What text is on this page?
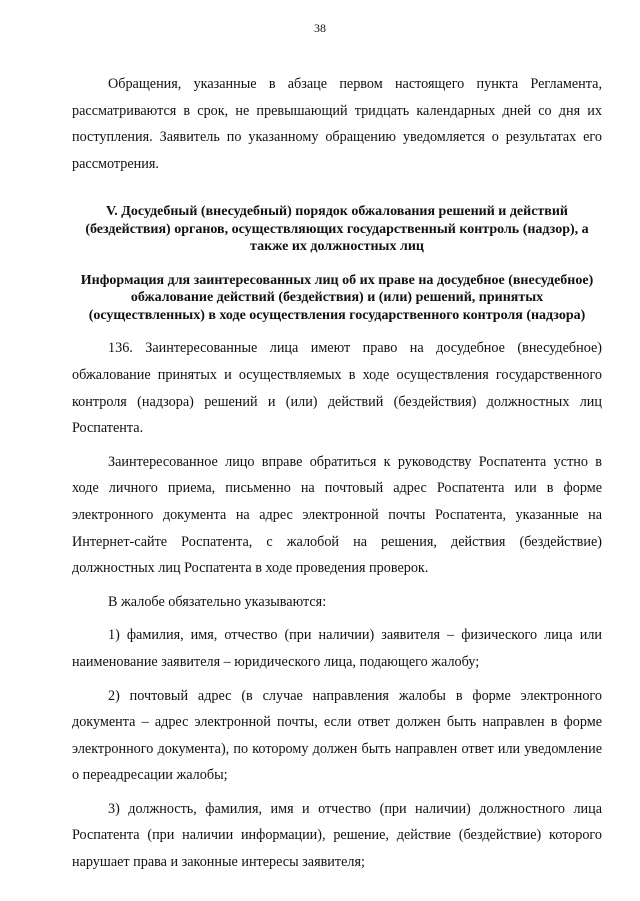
38

Обращения, указанные в абзаце первом настоящего пункта Регламента, рассматриваются в срок, не превышающий тридцать календарных дней со дня их поступления. Заявитель по указанному обращению уведомляется о результатах его рассмотрения.

V. Досудебный (внесудебный) порядок обжалования решений и действий (бездействия) органов, осуществляющих государственный контроль (надзор), а также их должностных лиц

Информация для заинтересованных лиц об их праве на досудебное (внесудебное) обжалование действий (бездействия) и (или) решений, принятых (осуществленных) в ходе осуществления государственного контроля (надзора)

136. Заинтересованные лица имеют право на досудебное (внесудебное) обжалование принятых и осуществляемых в ходе осуществления государственного контроля (надзора) решений и (или) действий (бездействия) должностных лиц Роспатента.

Заинтересованное лицо вправе обратиться к руководству Роспатента устно в ходе личного приема, письменно на почтовый адрес Роспатента или в форме электронного документа на адрес электронной почты Роспатента, указанные на Интернет-сайте Роспатента, с жалобой на решения, действия (бездействие) должностных лиц Роспатента в ходе проведения проверок.

В жалобе обязательно указываются:

1) фамилия, имя, отчество (при наличии) заявителя – физического лица или наименование заявителя – юридического лица, подающего жалобу;

2) почтовый адрес (в случае направления жалобы в форме электронного документа – адрес электронной почты, если ответ должен быть направлен в форме электронного документа), по которому должен быть направлен ответ или уведомление о переадресации жалобы;

3) должность, фамилия, имя и отчество (при наличии) должностного лица Роспатента (при наличии информации), решение, действие (бездействие) которого нарушает права и законные интересы заявителя;
